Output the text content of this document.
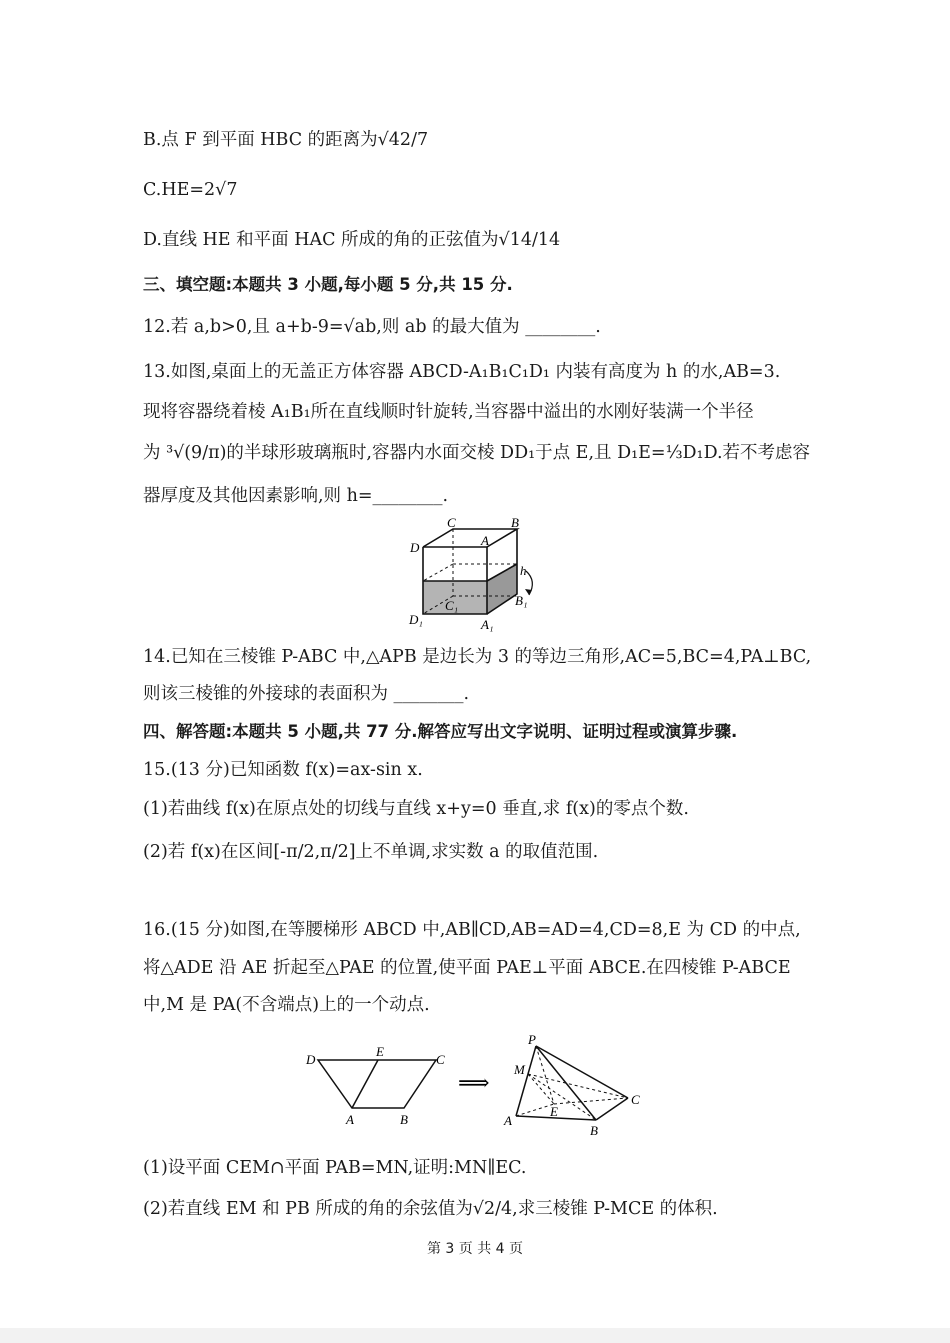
B.点 F 到平面 HBC 的距离为√42/7
C.HE=2√7
D.直线 HE 和平面 HAC 所成的角的正弦值为√14/14
三、填空题:本题共 3 小题,每小题 5 分,共 15 分.
12.若 a,b>0,且 a+b-9=√ab,则 ab 的最大值为 ________.
13.如图,桌面上的无盖正方体容器 ABCD-A₁B₁C₁D₁ 内装有高度为 h 的水,AB=3.
现将容器绕着棱 A₁B₁所在直线顺时针旋转,当容器中溢出的水刚好装满一个半径
为 ³√(9/π)的半球形玻璃瓶时,容器内水面交棱 DD₁于点 E,且 D₁E=⅓D₁D.若不考虑容
器厚度及其他因素影响,则 h=________.
C	B
D	A
h
C₁	B₁
D₁	A₁
14.已知在三棱锥 P-ABC 中,△APB 是边长为 3 的等边三角形,AC=5,BC=4,PA⊥BC,
则该三棱锥的外接球的表面积为 ________.
四、解答题:本题共 5 小题,共 77 分.解答应写出文字说明、证明过程或演算步骤.
15.(13 分)已知函数 f(x)=ax-sin x.
(1)若曲线 f(x)在原点处的切线与直线 x+y=0 垂直,求 f(x)的零点个数.
(2)若 f(x)在区间[-π/2,π/2]上不单调,求实数 a 的取值范围.
16.(15 分)如图,在等腰梯形 ABCD 中,AB∥CD,AB=AD=4,CD=8,E 为 CD 的中点,
将△ADE 沿 AE 折起至△PAE 的位置,使平面 PAE⊥平面 ABCE.在四棱锥 P-ABCE
中,M 是 PA(不含端点)上的一个动点.
D
E
C
A	B
⟹
P
M
E
C
A
B
(1)设平面 CEM∩平面 PAB=MN,证明:MN∥EC.
(2)若直线 EM 和 PB 所成的角的余弦值为√2/4,求三棱锥 P-MCE 的体积.
第 3 页 共 4 页
